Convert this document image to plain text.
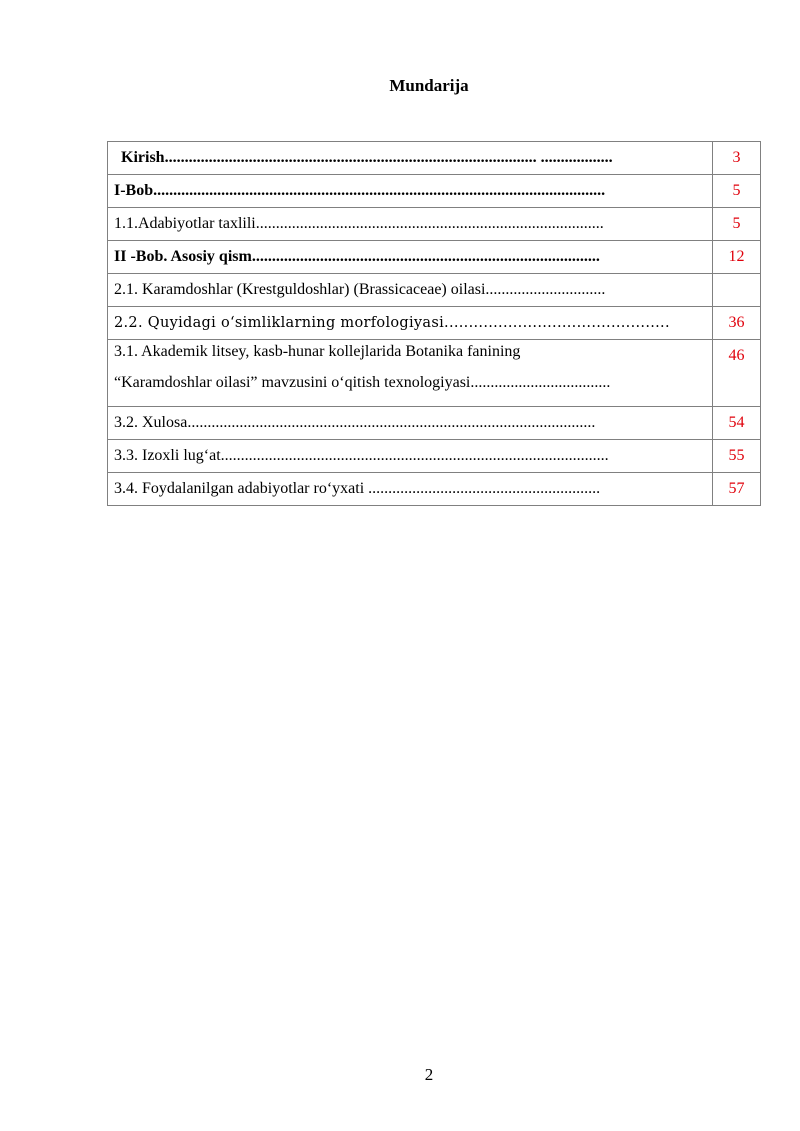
Mundarija
Kirish............................................................................................. ..................	3
I-Bob.................................................................................................................	5
1.1.Adabiyotlar taxlili.......................................................................................	5
II -Bob. Asosiy qism.......................................................................................	12
2.1. Karamdoshlar (Krestguldoshlar) (Brassicaceae) oilasi..............................	
2.2. Quyidagi o‘simliklarning morfologiyasi..............................................	36

3.1. Akademik litsey, kasb-hunar kollejlarida Botanika fanining
“Karamdoshlar oilasi” mavzusini o‘qitish texnologiyasi...................................	46
3.2. Xulosa......................................................................................................	54
3.3. Izoxli lug‘at.................................................................................................	55
3.4. Foydalanilgan adabiyotlar ro‘yxati ..........................................................	57
2
